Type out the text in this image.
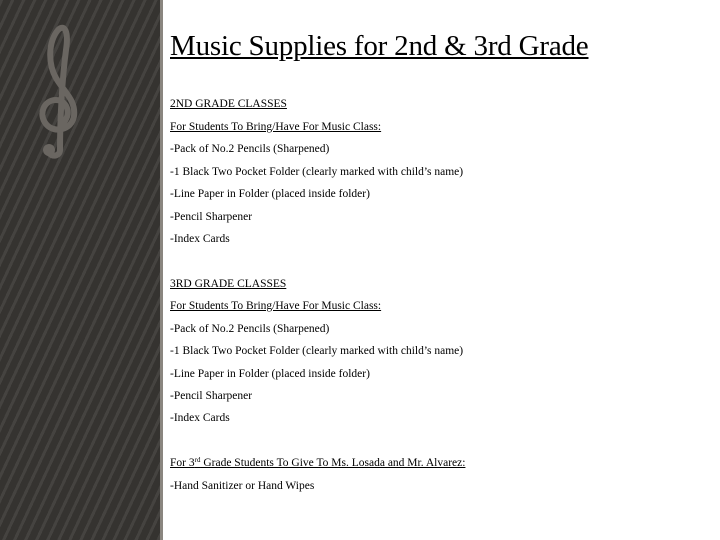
Music Supplies for 2nd & 3rd Grade
2ND GRADE CLASSES
For Students To Bring/Have For Music Class:
-Pack of No.2 Pencils (Sharpened)
-1 Black Two Pocket Folder (clearly marked with child’s name)
-Line Paper in Folder (placed inside folder)
-Pencil Sharpener
-Index Cards
3RD GRADE CLASSES
For Students To Bring/Have For Music Class:
-Pack of No.2 Pencils (Sharpened)
-1 Black Two Pocket Folder (clearly marked with child’s name)
-Line Paper in Folder (placed inside folder)
-Pencil Sharpener
-Index Cards
For 3rd Grade Students To Give To Ms. Losada and Mr. Alvarez:
-Hand Sanitizer or Hand Wipes
